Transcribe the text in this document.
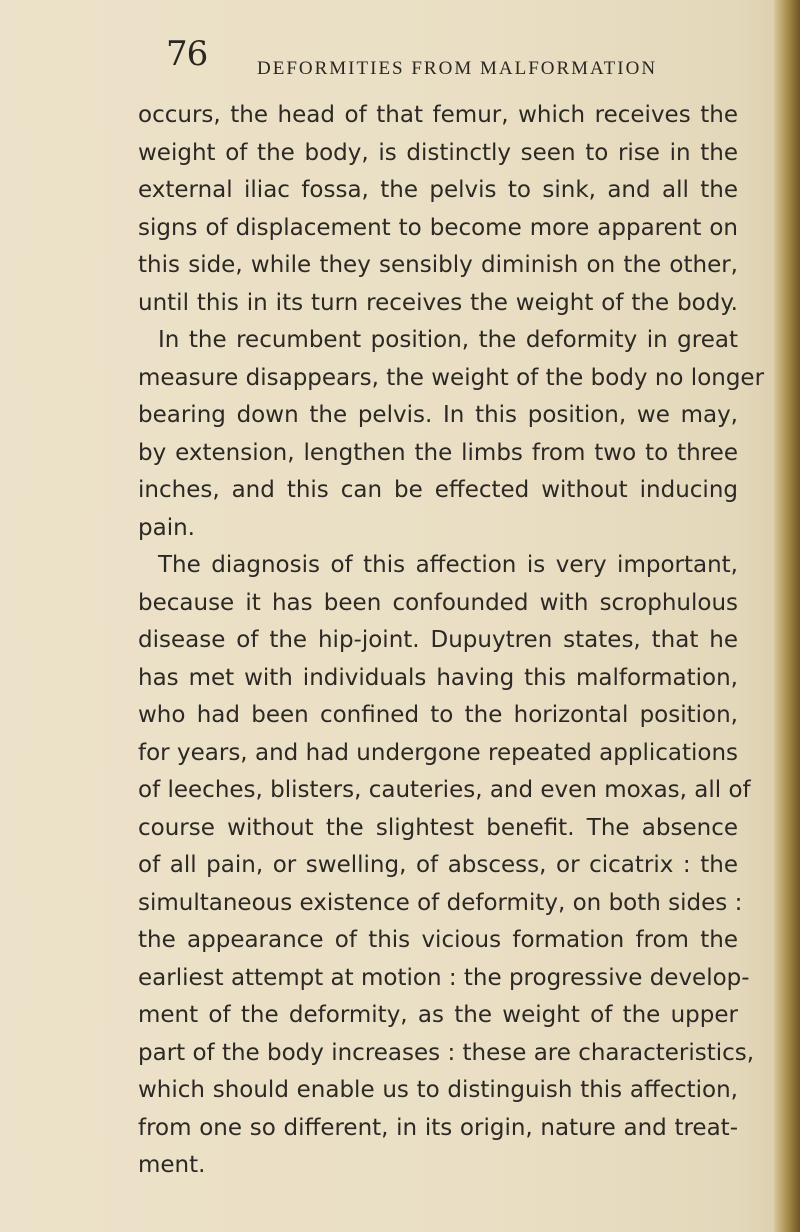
76	DEFORMITIES FROM MALFORMATION
occurs, the head of that femur, which receives the
weight of the body, is distinctly seen to rise in the
external iliac fossa, the pelvis to sink, and all the
signs of displacement to become more apparent on
this side, while they sensibly diminish on the other,
until this in its turn receives the weight of the body.
In the recumbent position, the deformity in great
measure disappears, the weight of the body no longer
bearing down the pelvis. In this position, we may,
by extension, lengthen the limbs from two to three
inches, and this can be effected without inducing
pain.
The diagnosis of this affection is very important,
because it has been confounded with scrophulous
disease of the hip-joint. Dupuytren states, that he
has met with individuals having this malformation,
who had been confined to the horizontal position,
for years, and had undergone repeated applications
of leeches, blisters, cauteries, and even moxas, all of
course without the slightest benefit. The absence
of all pain, or swelling, of abscess, or cicatrix : the
simultaneous existence of deformity, on both sides :
the appearance of this vicious formation from the
earliest attempt at motion : the progressive develop-
ment of the deformity, as the weight of the upper
part of the body increases : these are characteristics,
which should enable us to distinguish this affection,
from one so different, in its origin, nature and treat-
ment.
